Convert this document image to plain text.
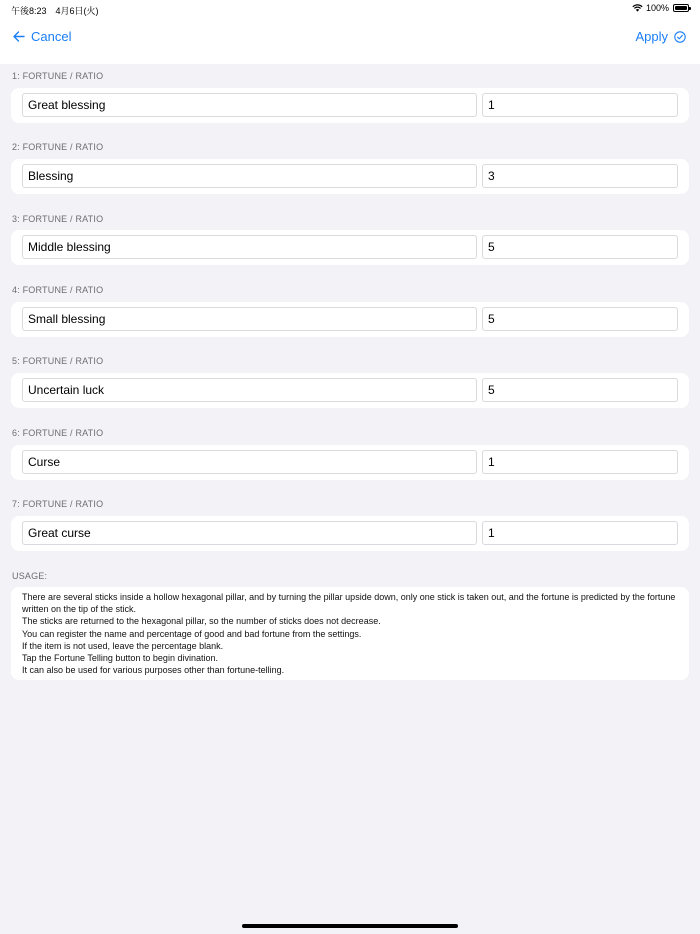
午後8:23　4月6日(火)	100%
Cancel	Apply
1: FORTUNE / RATIO
Great blessing	1
2: FORTUNE / RATIO
Blessing	3
3: FORTUNE / RATIO
Middle blessing	5
4: FORTUNE / RATIO
Small blessing	5
5: FORTUNE / RATIO
Uncertain luck	5
6: FORTUNE / RATIO
Curse	1
7: FORTUNE / RATIO
Great curse	1
USAGE:

There are several sticks inside a hollow hexagonal pillar, and by turning the pillar upside down, only one stick is taken out, and the fortune is predicted by the fortune written on the tip of the stick.

The sticks are returned to the hexagonal pillar, so the number of sticks does not decrease.

You can register the name and percentage of good and bad fortune from the settings.

If the item is not used, leave the percentage blank.

Tap the Fortune Telling button to begin divination.

It can also be used for various purposes other than fortune-telling.
